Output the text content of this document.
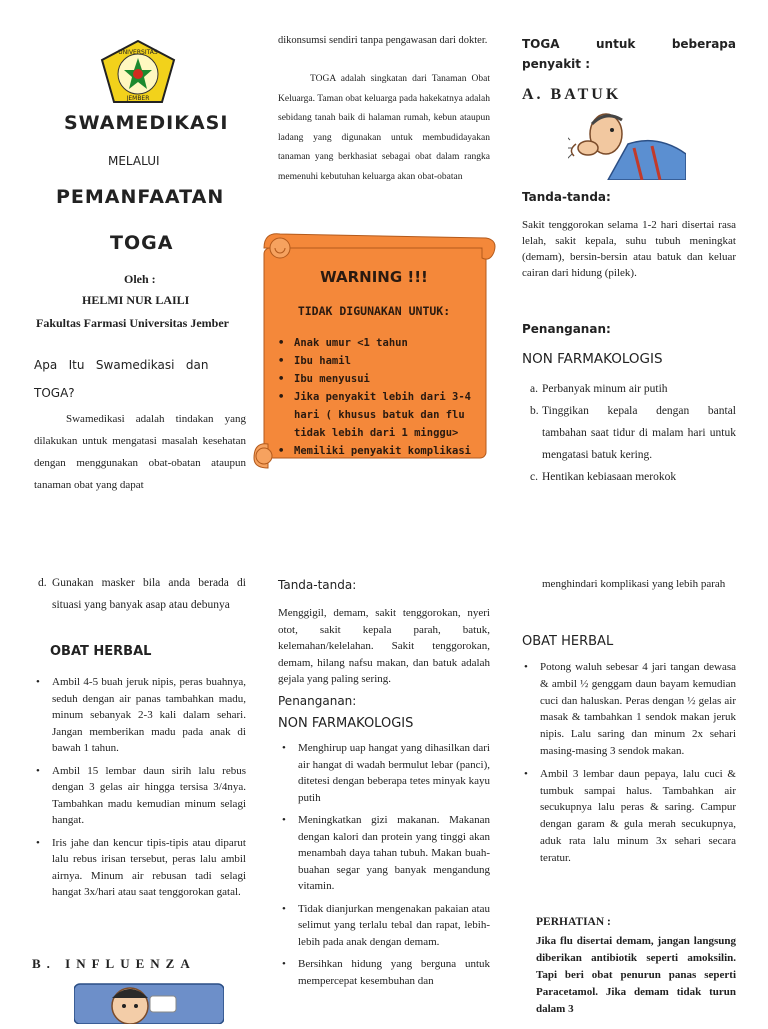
UNIVERSITAS
JEMBER
SWAMEDIKASI
MELALUI
PEMANFAATAN
TOGA
Oleh :
HELMI NUR LAILI
Fakultas Farmasi Universitas Jember
Apa   Itu   Swamedikasi   dan
TOGA?

Swamedikasi adalah tindakan yang dilakukan untuk mengatasi masalah kesehatan dengan menggunakan obat-obatan ataupun tanaman obat yang dapat

dikonsumsi sendiri tanpa pengawasan dari dokter.

TOGA adalah singkatan dari Tanaman Obat Keluarga. Taman obat keluarga pada hakekatnya adalah sebidang tanah baik di halaman rumah, kebun ataupun ladang yang digunakan untuk membudidayakan tanaman yang berkhasiat sebagai obat dalam rangka memenuhi kebutuhan keluarga akan obat-obatan

WARNING !!!
TIDAK DIGUNAKAN UNTUK:
• Anak umur <1 tahun
• Ibu hamil
• Ibu menyusui
• Jika penyakit lebih dari 3-4 hari ( khusus batuk dan flu tidak lebih dari 1 minggu>
• Memiliki penyakit komplikasi
TOGA   untuk   beberapa penyakit :
A. BATUK
Tanda-tanda:

Sakit tenggorokan selama 1-2 hari disertai rasa lelah, sakit kepala, suhu tubuh meningkat (demam), bersin-bersin atau batuk dan keluar cairan dari hidung (pilek).

Penanganan:
NON FARMAKOLOGIS
a. Perbanyak minum air putih
b. Tinggikan kepala dengan bantal tambahan saat tidur di malam hari untuk mengatasi batuk kering.
c. Hentikan kebiasaan merokok
d. Gunakan masker bila anda berada di situasi yang banyak asap atau debunya
OBAT HERBAL
• Ambil 4-5 buah jeruk nipis, peras buahnya, seduh dengan air panas tambahkan madu, minum sebanyak 2-3 kali dalam sehari. Jangan memberikan madu pada anak di bawah 1 tahun.
• Ambil 15 lembar daun sirih lalu rebus dengan 3 gelas air hingga tersisa 3/4nya. Tambahkan madu kemudian minum selagi hangat.
• Iris jahe dan kencur tipis-tipis atau diparut lalu rebus irisan tersebut, peras lalu ambil airnya. Minum air rebusan tadi selagi hangat 3x/hari atau saat tenggorokan gatal.
B. INFLUENZA
Tanda-tanda:

Menggigil, demam, sakit tenggorokan, nyeri otot, sakit kepala parah, batuk, kelemahan/kelelahan. Sakit tenggorokan, demam, hilang nafsu makan, dan batuk adalah gejala yang paling sering.

Penanganan:
NON FARMAKOLOGIS
• Menghirup uap hangat yang dihasilkan dari air hangat di wadah bermulut lebar (panci), ditetesi dengan beberapa tetes minyak kayu putih
• Meningkatkan gizi makanan. Makanan dengan kalori dan protein yang tinggi akan menambah daya tahan tubuh. Makan buah-buahan segar yang banyak mengandung vitamin.
• Tidak dianjurkan mengenakan pakaian atau selimut yang terlalu tebal dan rapat, lebih-lebih pada anak dengan demam.
• Bersihkan hidung yang berguna untuk mempercepat kesembuhan dan

menghindari komplikasi yang lebih parah

OBAT HERBAL
• Potong waluh sebesar 4 jari tangan dewasa & ambil ½ genggam daun bayam kemudian cuci dan haluskan. Peras dengan ½ gelas air masak & tambahkan 1 sendok makan jeruk nipis. Lalu saring dan minum 2x sehari masing-masing 3 sendok makan.
• Ambil 3 lembar daun pepaya, lalu cuci & tumbuk sampai halus. Tambahkan air secukupnya lalu peras & saring. Campur dengan garam & gula merah secukupnya, aduk rata lalu minum 3x sehari secara teratur.
PERHATIAN :

Jika flu disertai demam, jangan langsung diberikan antibiotik seperti amoksilin. Tapi beri obat penurun panas seperti Paracetamol. Jika demam tidak turun dalam 3
